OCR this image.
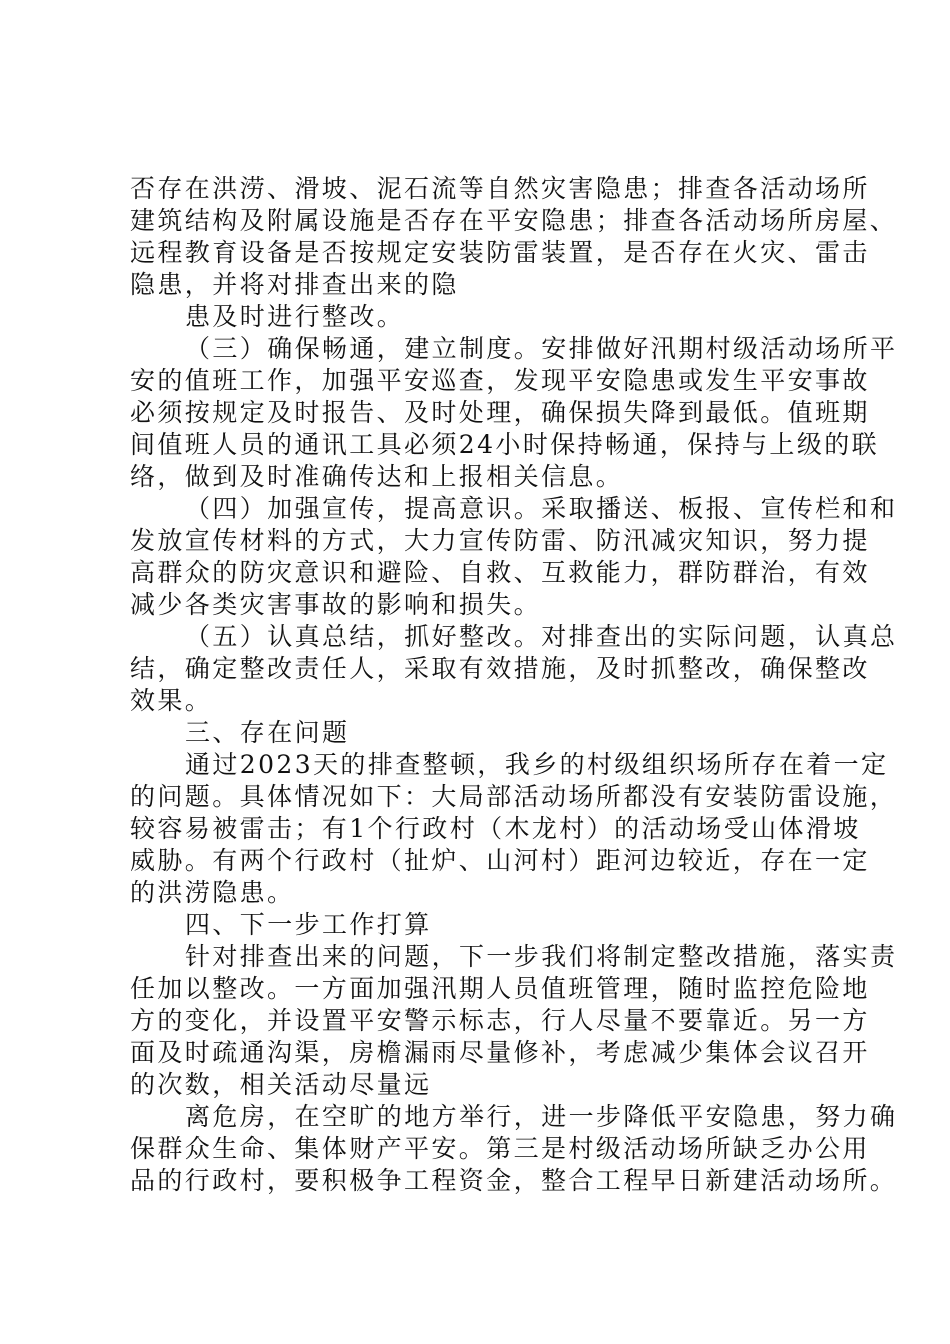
否存在洪涝、滑坡、泥石流等自然灾害隐患；排查各活动场所
建筑结构及附属设施是否存在平安隐患；排查各活动场所房屋、
远程教育设备是否按规定安装防雷装置，是否存在火灾、雷击
隐患，并将对排查出来的隐
患及时进行整改。
（三）确保畅通，建立制度。安排做好汛期村级活动场所平
安的值班工作，加强平安巡查，发现平安隐患或发生平安事故
必须按规定及时报告、及时处理，确保损失降到最低。值班期
间值班人员的通讯工具必须24小时保持畅通，保持与上级的联
络，做到及时准确传达和上报相关信息。
（四）加强宣传，提高意识。采取播送、板报、宣传栏和和
发放宣传材料的方式，大力宣传防雷、防汛减灾知识，努力提
高群众的防灾意识和避险、自救、互救能力，群防群治，有效
减少各类灾害事故的影响和损失。
（五）认真总结，抓好整改。对排查出的实际问题，认真总
结，确定整改责任人，采取有效措施，及时抓整改，确保整改
效果。
三、存在问题
通过2023天的排查整顿，我乡的村级组织场所存在着一定
的问题。具体情况如下：大局部活动场所都没有安装防雷设施，
较容易被雷击；有1个行政村（木龙村）的活动场受山体滑坡
威胁。有两个行政村（扯炉、山河村）距河边较近，存在一定
的洪涝隐患。
四、下一步工作打算
针对排查出来的问题，下一步我们将制定整改措施，落实责
任加以整改。一方面加强汛期人员值班管理，随时监控危险地
方的变化，并设置平安警示标志，行人尽量不要靠近。另一方
面及时疏通沟渠，房檐漏雨尽量修补，考虑减少集体会议召开
的次数，相关活动尽量远
离危房，在空旷的地方举行，进一步降低平安隐患，努力确
保群众生命、集体财产平安。第三是村级活动场所缺乏办公用
品的行政村，要积极争工程资金，整合工程早日新建活动场所。
